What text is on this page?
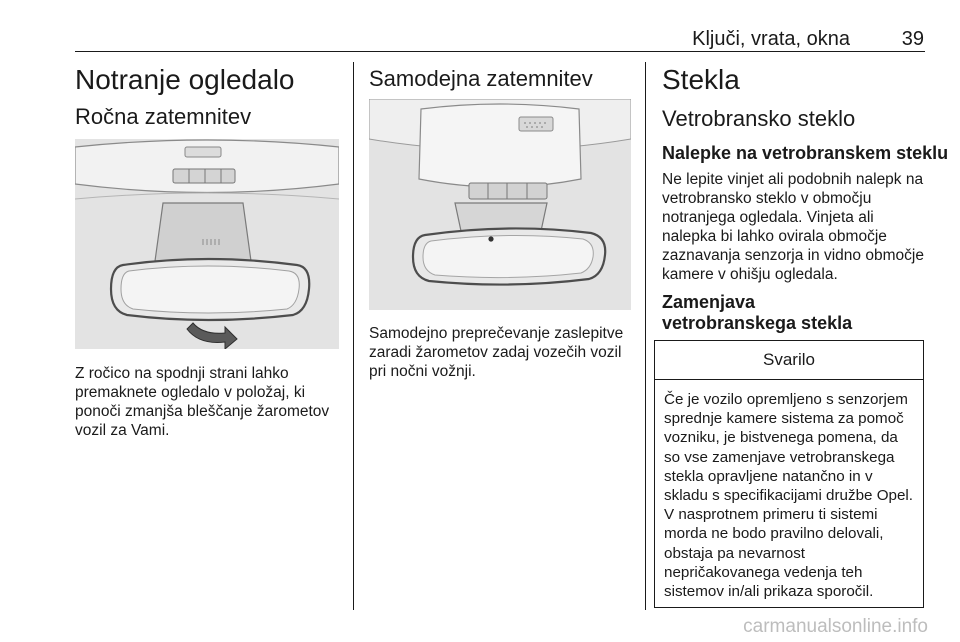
Ključi, vrata, okna	39
Notranje ogledalo
Ročna zatemnitev

Z ročico na spodnji strani lahko premaknete ogledalo v položaj, ki ponoči zmanjša bleščanje žarometov vozil za Vami.

Samodejna zatemnitev

Samodejno preprečevanje zaslepitve zaradi žarometov zadaj vozečih vozil pri nočni vožnji.

Stekla
Vetrobransko steklo
Nalepke na vetrobranskem steklu

Ne lepite vinjet ali podobnih nalepk na vetrobransko steklo v območju notranjega ogledala. Vinjeta ali nalepka bi lahko ovirala območje zaznavanja senzorja in vidno območje kamere v ohišju ogledala.

Zamenjava vetrobranskega stekla
Svarilo
Če je vozilo opremljeno s senzorjem sprednje kamere sistema za pomoč vozniku, je bistvenega pomena, da so vse zamenjave vetrobranskega stekla opravljene natančno in v skladu s specifikacijami družbe Opel. V nasprotnem primeru ti sistemi morda ne bodo pravilno delovali, obstaja pa nevarnost nepričakovanega vedenja teh sistemov in/ali prikaza sporočil.
carmanualsonline.info
